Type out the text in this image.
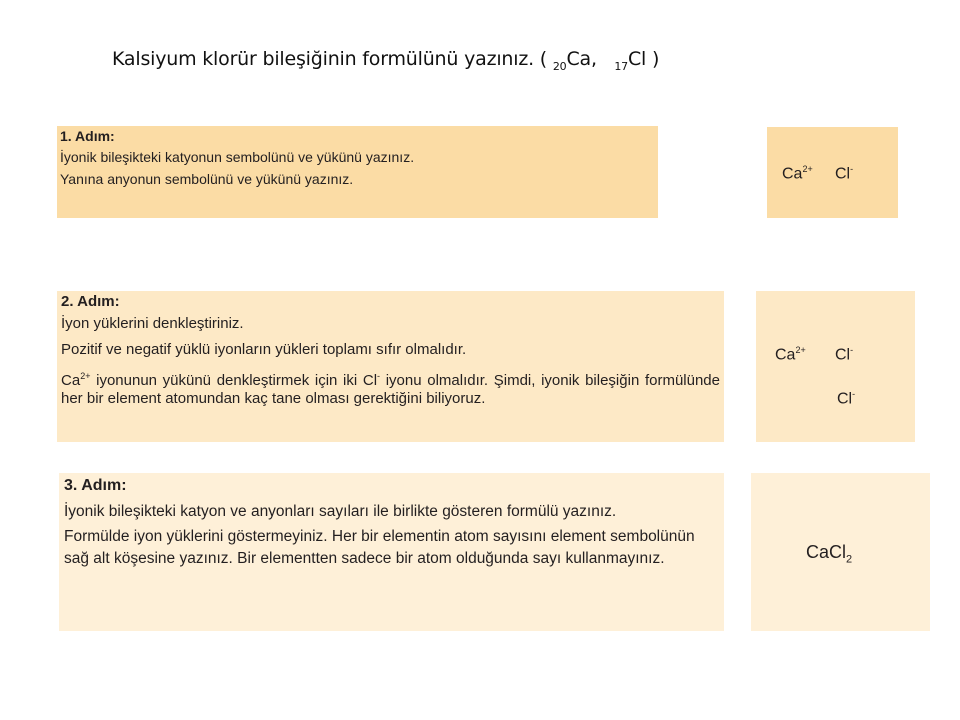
Kalsiyum klorür bileşiğinin formülünü yazınız. ( $_{20}$Ca, $_{17}$Cl )

1. Adım:

İyonik bileşikteki katyonun sembolünü ve yükünü yazınız.

Yanına anyonun sembolünü ve yükünü yazınız.	$Ca^{2+}$ Cl-

2. Adım:

İyon yüklerini denkleştiriniz.

Pozitif ve negatif yüklü iyonların yükleri toplamı sıfır olmalıdır.

$Ca^{2+}$ iyonunun yükünü denkleştirmek için iki Cl- iyonu olmalıdır. Şimdi, iyonik bileşiğin formülünde her bir element atomundan kaç tane olması gerektiğini biliyoruz.

$Ca^{2+}$ Cl-
Cl-

3. Adım:

İyonik bileşikteki katyon ve anyonları sayıları ile birlikte gösteren formülü yazınız.

Formülde iyon yüklerini göstermeyiniz. Her bir elementin atom sayısını element sembolünün sağ alt köşesine yazınız. Bir elementten sadece bir atom olduğunda sayı kullanmayınız.	CaCl$_2$
